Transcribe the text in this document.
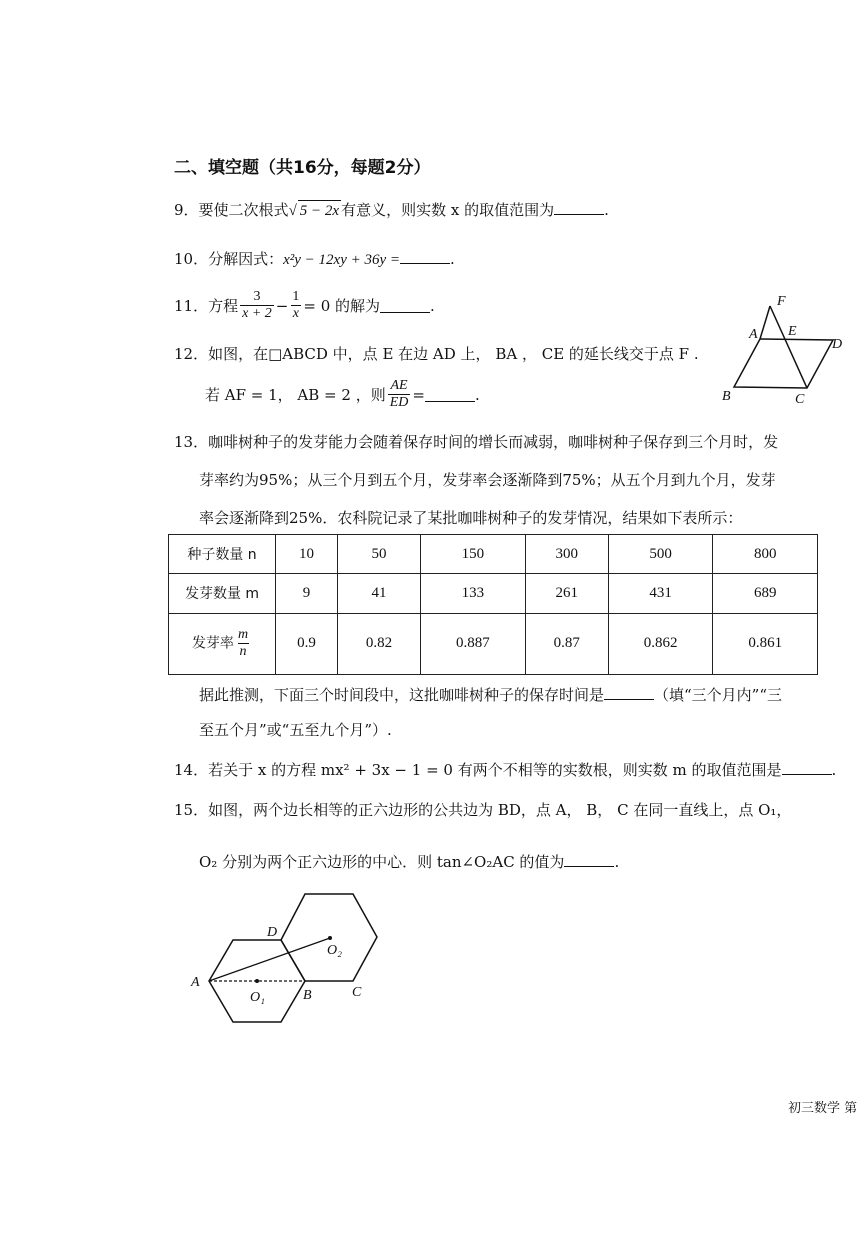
二、填空题（共16分，每题2分）
9．要使二次根式√ 5 − 2x 有意义，则实数 x 的取值范围为	.
10．分解因式：x²y − 12xy + 36y =	.
11． 方程 $\frac{3}{x + 2} - \frac{1}{x} = 0$ 的解为	.
12．如图，在□ABCD 中，点 E 在边 AD 上， BA ， CE 的延长线交于点 F .
若 AF = 1， AB = 2 ，则 $\frac{AE}{ED}$ =	.
F
A E
D
B	C
13．咖啡树种子的发芽能力会随着保存时间的增长而减弱，咖啡树种子保存到三个月时，发
芽率约为95%；从三个月到五个月，发芽率会逐渐降到75%；从五个月到九个月，发芽
率会逐渐降到25%．农科院记录了某批咖啡树种子的发芽情况，结果如下表所示：
种子数量 n	10	50	150	300	500	800
发芽数量 m	9	41	133	261	431	689
发芽率 $\frac{m}{n}$	0.9	0.82	0.887	0.87	0.862	0.861
据此推测，下面三个时间段中，这批咖啡树种子的保存时间是	（填“三个月内”“三
至五个月”或“五至九个月”）.
14．若关于 x 的方程 mx² + 3x − 1 = 0 有两个不相等的实数根，则实数 m 的取值范围是	.
15．如图，两个边长相等的正六边形的公共边为 BD，点 A， B， C 在同一直线上，点 O₁，
O₂ 分别为两个正六边形的中心．则 tan∠O₂AC 的值为	.
A
D
O₁
O₂
B	C
初三数学 第
